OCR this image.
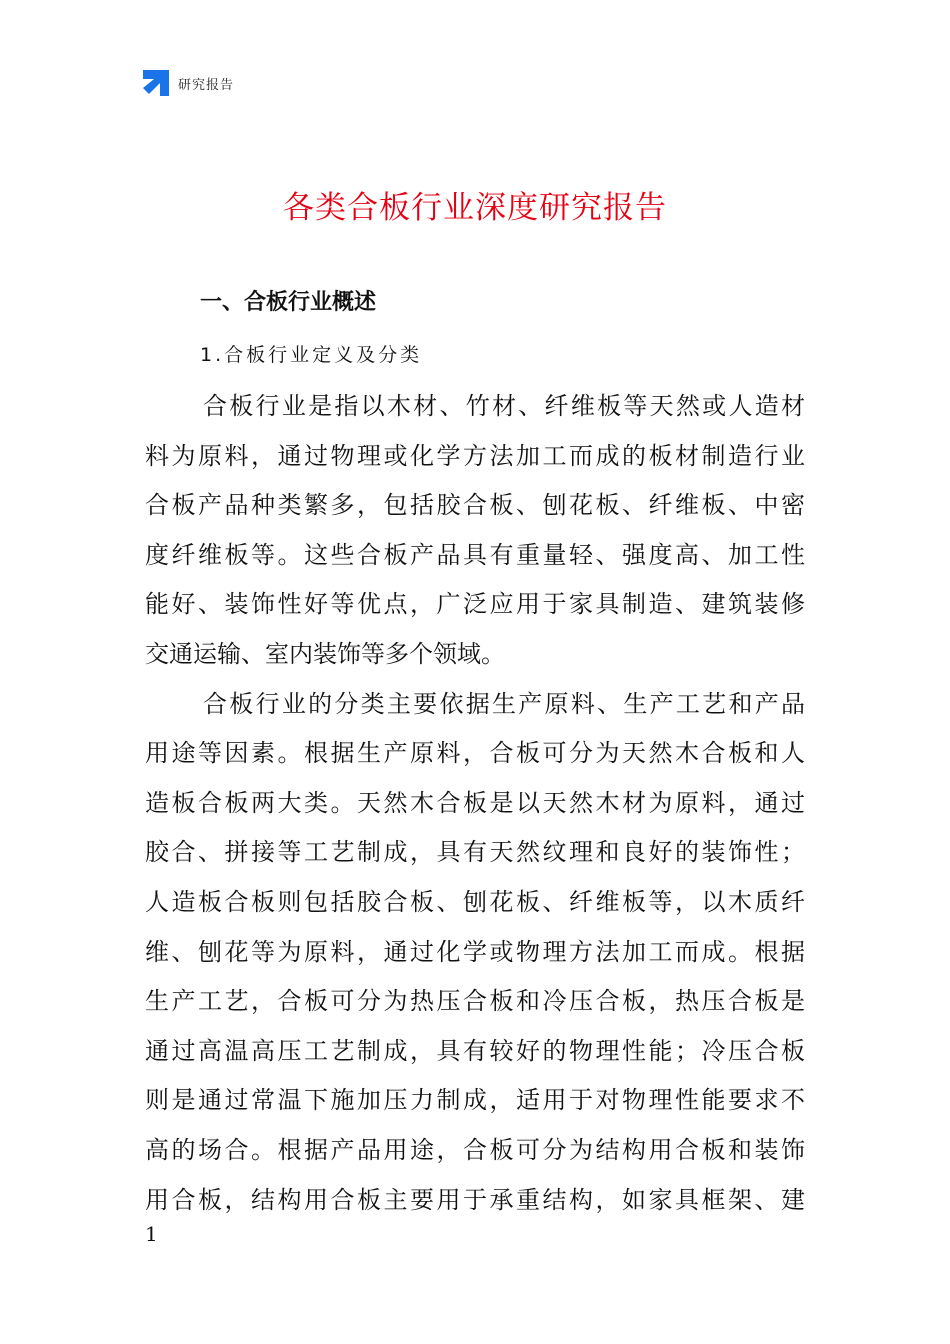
研究报告
各类合板行业深度研究报告
一、合板行业概述
1.合板行业定义及分类
合板行业是指以木材、竹材、纤维板等天然或人造材
料为原料，通过物理或化学方法加工而成的板材制造行业
合板产品种类繁多，包括胶合板、刨花板、纤维板、中密
度纤维板等。这些合板产品具有重量轻、强度高、加工性
能好、装饰性好等优点，广泛应用于家具制造、建筑装修
交通运输、室内装饰等多个领域。
合板行业的分类主要依据生产原料、生产工艺和产品
用途等因素。根据生产原料，合板可分为天然木合板和人
造板合板两大类。天然木合板是以天然木材为原料，通过
胶合、拼接等工艺制成，具有天然纹理和良好的装饰性；
人造板合板则包括胶合板、刨花板、纤维板等，以木质纤
维、刨花等为原料，通过化学或物理方法加工而成。根据
生产工艺，合板可分为热压合板和冷压合板，热压合板是
通过高温高压工艺制成，具有较好的物理性能；冷压合板
则是通过常温下施加压力制成，适用于对物理性能要求不
高的场合。根据产品用途，合板可分为结构用合板和装饰
用合板，结构用合板主要用于承重结构，如家具框架、建
1
